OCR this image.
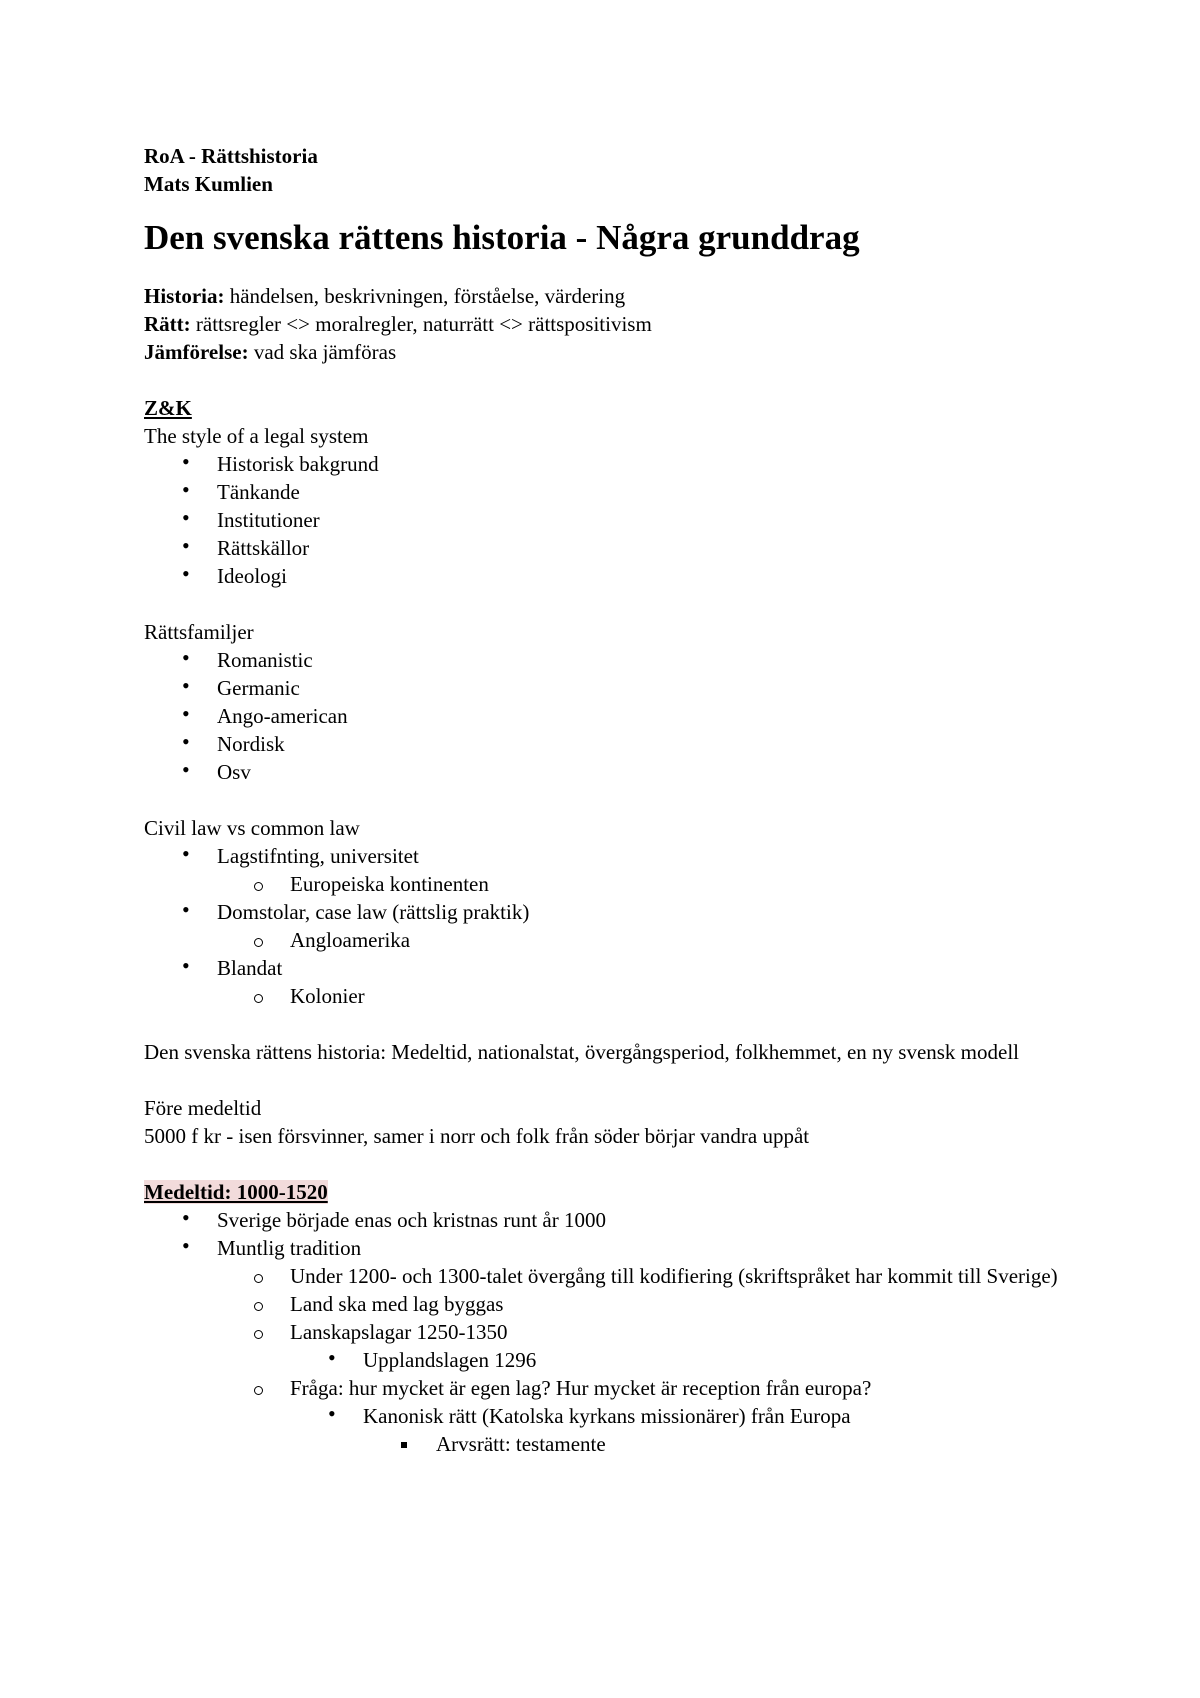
RoA - Rättshistoria
Mats Kumlien
Den svenska rättens historia - Några grunddrag
Historia: händelsen, beskrivningen, förståelse, värdering
Rätt: rättsregler <> moralregler, naturrätt <> rättspositivism
Jämförelse: vad ska jämföras
Z&K
The style of a legal system
• Historisk bakgrund
• Tänkande
• Institutioner
• Rättskällor
• Ideologi
Rättsfamiljer
• Romanistic
• Germanic
• Ango-american
• Nordisk
• Osv
Civil law vs common law
• Lagstifnting, universitet
Europeiska kontinenten
• Domstolar, case law (rättslig praktik)
Angloamerika
• Blandat
Kolonier
Den svenska rättens historia: Medeltid, nationalstat, övergångsperiod, folkhemmet, en ny svensk modell
Före medeltid
5000 f kr - isen försvinner, samer i norr och folk från söder börjar vandra uppåt
Medeltid: 1000-1520
• Sverige började enas och kristnas runt år 1000
• Muntlig tradition
Under 1200- och 1300-talet övergång till kodifiering (skriftspråket har kommit till Sverige)
Land ska med lag byggas
Lanskapslagar 1250-1350
• Upplandslagen 1296
Fråga: hur mycket är egen lag? Hur mycket är reception från europa?
• Kanonisk rätt (Katolska kyrkans missionärer) från Europa
Arvsrätt: testamente
